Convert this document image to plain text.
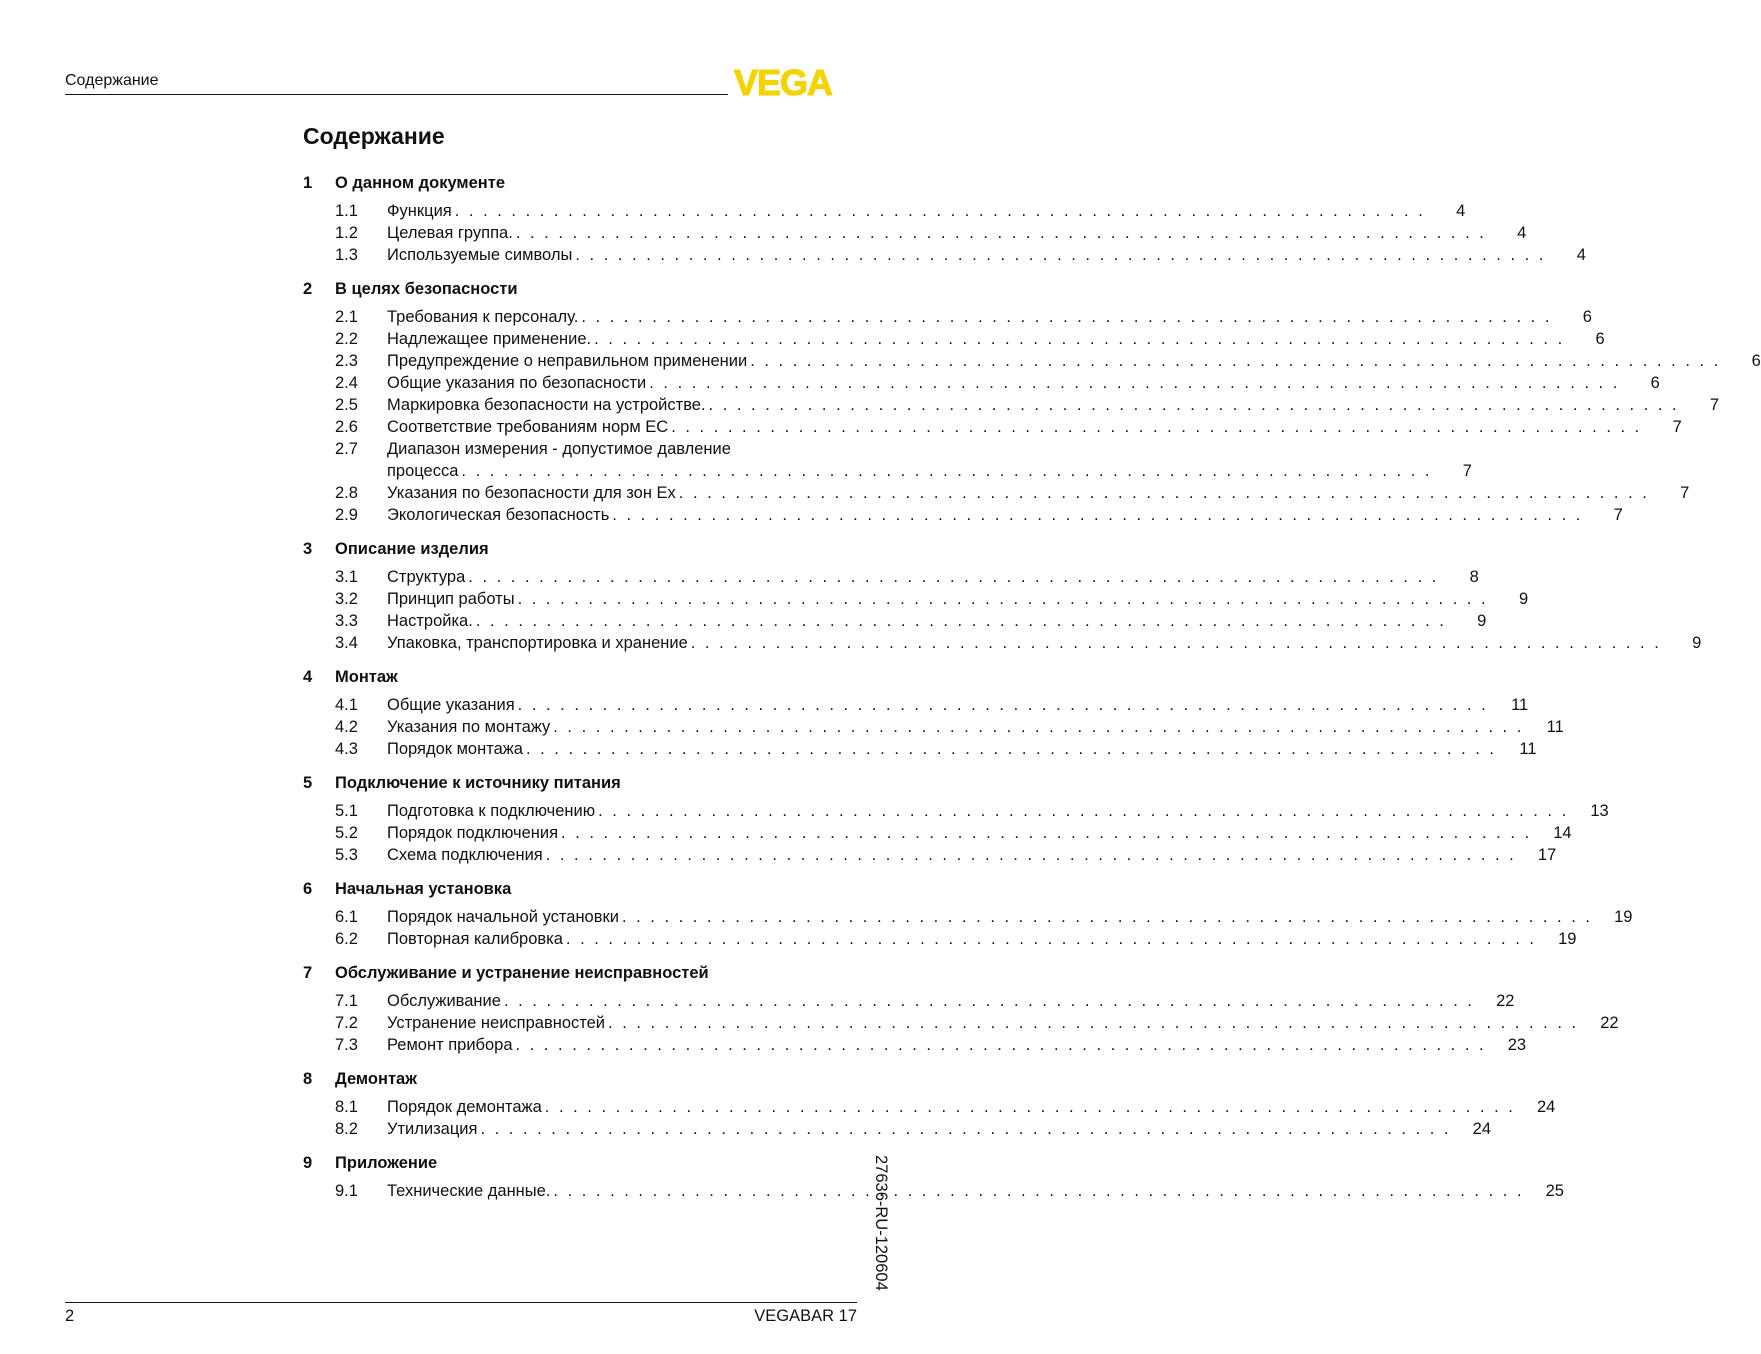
Содержание	VEGA
Содержание
1	О данном документе
1.1	Функция . . .	4
1.2	Целевая группа. . . .	4
1.3	Используемые символы . . .	4
2	В целях безопасности
2.1	Требования к персоналу. . . .	6
2.2	Надлежащее применение. . . .	6
2.3	Предупреждение о неправильном применении . . .	6
2.4	Общие указания по безопасности . . .	6
2.5	Маркировка безопасности на устройстве. . . .	7
2.6	Соответствие требованиям норм ЕС . . .	7
2.7	Диапазон измерения - допустимое давление
процесса . . .	7
2.8	Указания по безопасности для зон Ex . . .	7
2.9	Экологическая безопасность . . .	7
3	Описание изделия
3.1	Структура . . .	8
3.2	Принцип работы . . .	9
3.3	Настройка. . . .	9
3.4	Упаковка, транспортировка и хранение . . .	9
4	Монтаж
4.1	Общие указания . . .	11
4.2	Указания по монтажу . . .	11
4.3	Порядок монтажа . . .	11
5	Подключение к источнику питания
5.1	Подготовка к подключению . . .	13
5.2	Порядок подключения . . .	14
5.3	Схема подключения . . .	17
6	Начальная установка
6.1	Порядок начальной установки . . .	19
6.2	Повторная калибровка . . .	19
7	Обслуживание и устранение неисправностей
7.1	Обслуживание . . .	22
7.2	Устранение неисправностей . . .	22
7.3	Ремонт прибора . . .	23
8	Демонтаж
8.1	Порядок демонтажа . . .	24
8.2	Утилизация . . .	24
9	Приложение
9.1	Технические данные. . . .	25
2	VEGABAR 17
27636-RU-120604
